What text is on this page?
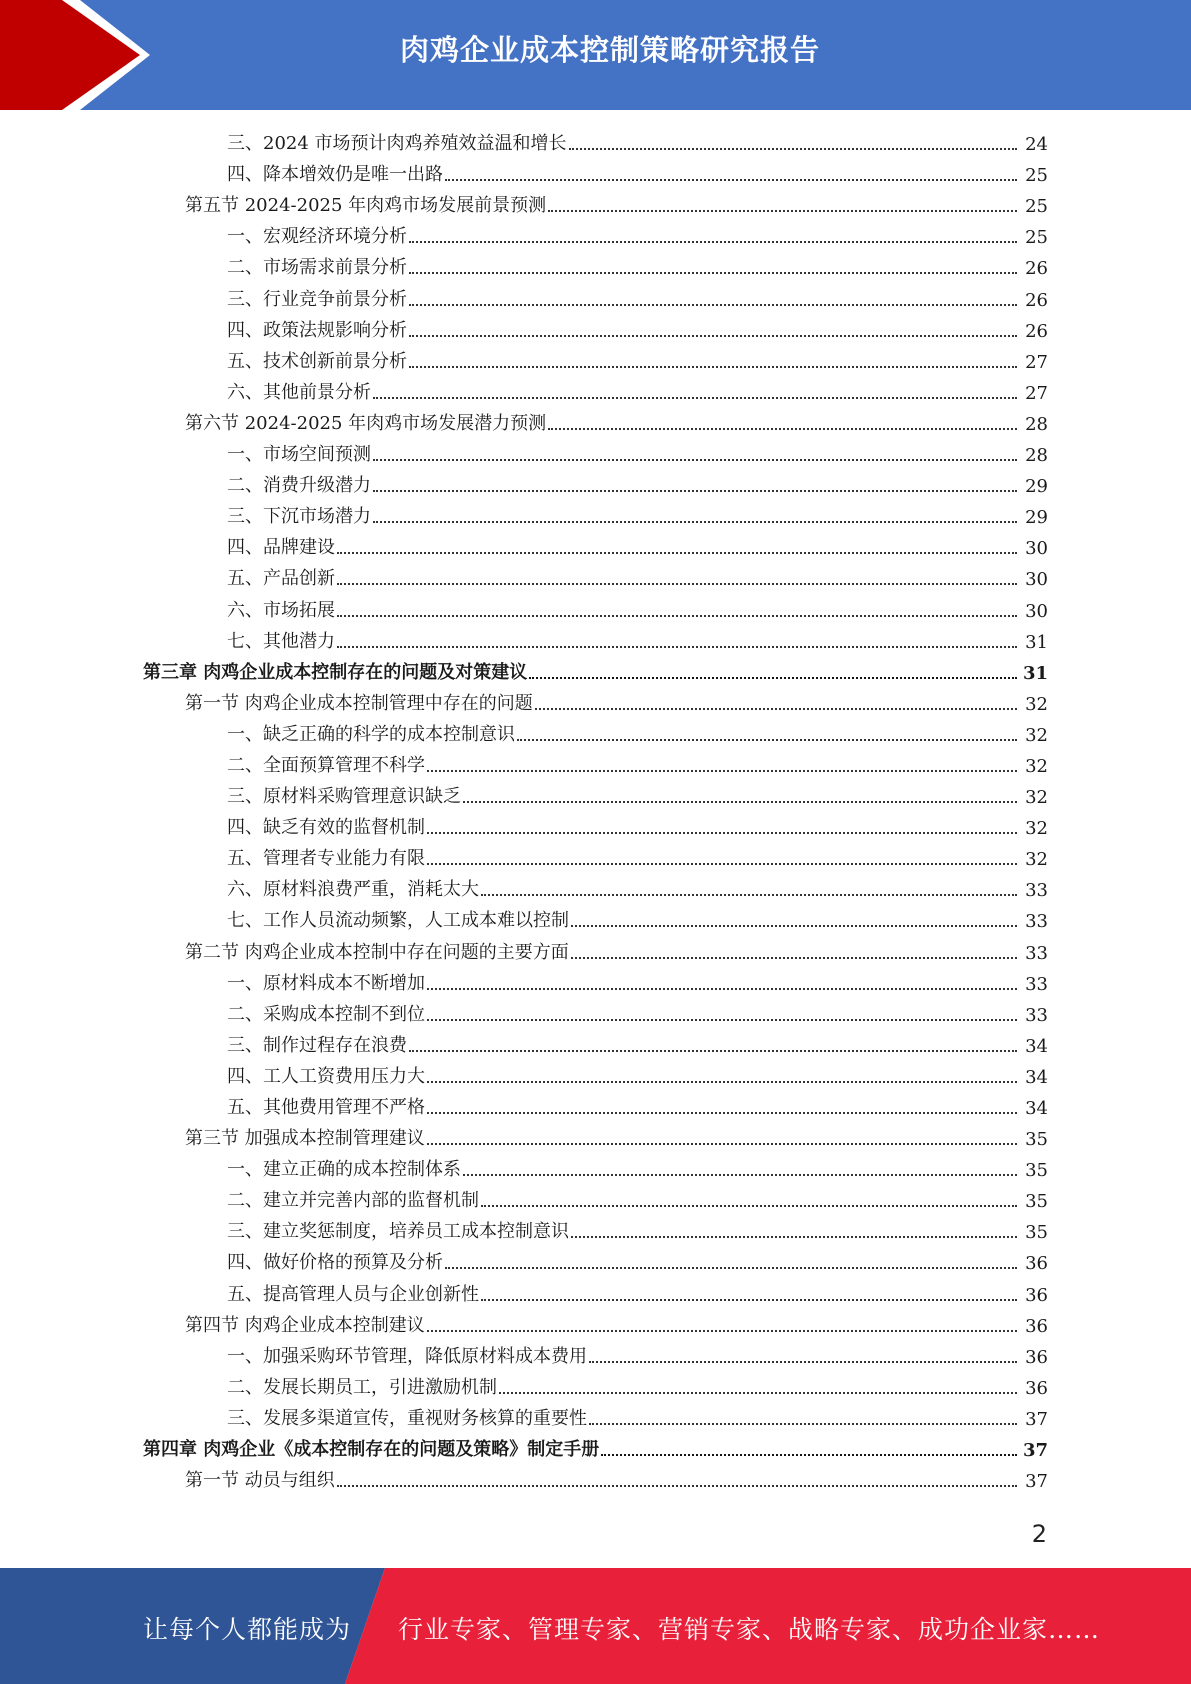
肉鸡企业成本控制策略研究报告
三、2024 市场预计肉鸡养殖效益温和增长	24
四、降本增效仍是唯一出路	25
第五节 2024-2025 年肉鸡市场发展前景预测	25
一、宏观经济环境分析	25
二、市场需求前景分析	26
三、行业竞争前景分析	26
四、政策法规影响分析	26
五、技术创新前景分析	27
六、其他前景分析	27
第六节 2024-2025 年肉鸡市场发展潜力预测	28
一、市场空间预测	28
二、消费升级潜力	29
三、下沉市场潜力	29
四、品牌建设	30
五、产品创新	30
六、市场拓展	30
七、其他潜力	31
第三章 肉鸡企业成本控制存在的问题及对策建议	31
第一节 肉鸡企业成本控制管理中存在的问题	32
一、缺乏正确的科学的成本控制意识	32
二、全面预算管理不科学	32
三、原材料采购管理意识缺乏	32
四、缺乏有效的监督机制	32
五、管理者专业能力有限	32
六、原材料浪费严重，消耗太大	33
七、工作人员流动频繁，人工成本难以控制	33
第二节 肉鸡企业成本控制中存在问题的主要方面	33
一、原材料成本不断增加	33
二、采购成本控制不到位	33
三、制作过程存在浪费	34
四、工人工资费用压力大	34
五、其他费用管理不严格	34
第三节 加强成本控制管理建议	35
一、建立正确的成本控制体系	35
二、建立并完善内部的监督机制	35
三、建立奖惩制度，培养员工成本控制意识	35
四、做好价格的预算及分析	36
五、提高管理人员与企业创新性	36
第四节 肉鸡企业成本控制建议	36
一、加强采购环节管理，降低原材料成本费用	36
二、发展长期员工，引进激励机制	36
三、发展多渠道宣传，重视财务核算的重要性	37
第四章 肉鸡企业《成本控制存在的问题及策略》制定手册	37
第一节 动员与组织	37
2
让每个人都能成为 行业专家、管理专家、营销专家、战略专家、成功企业家……
